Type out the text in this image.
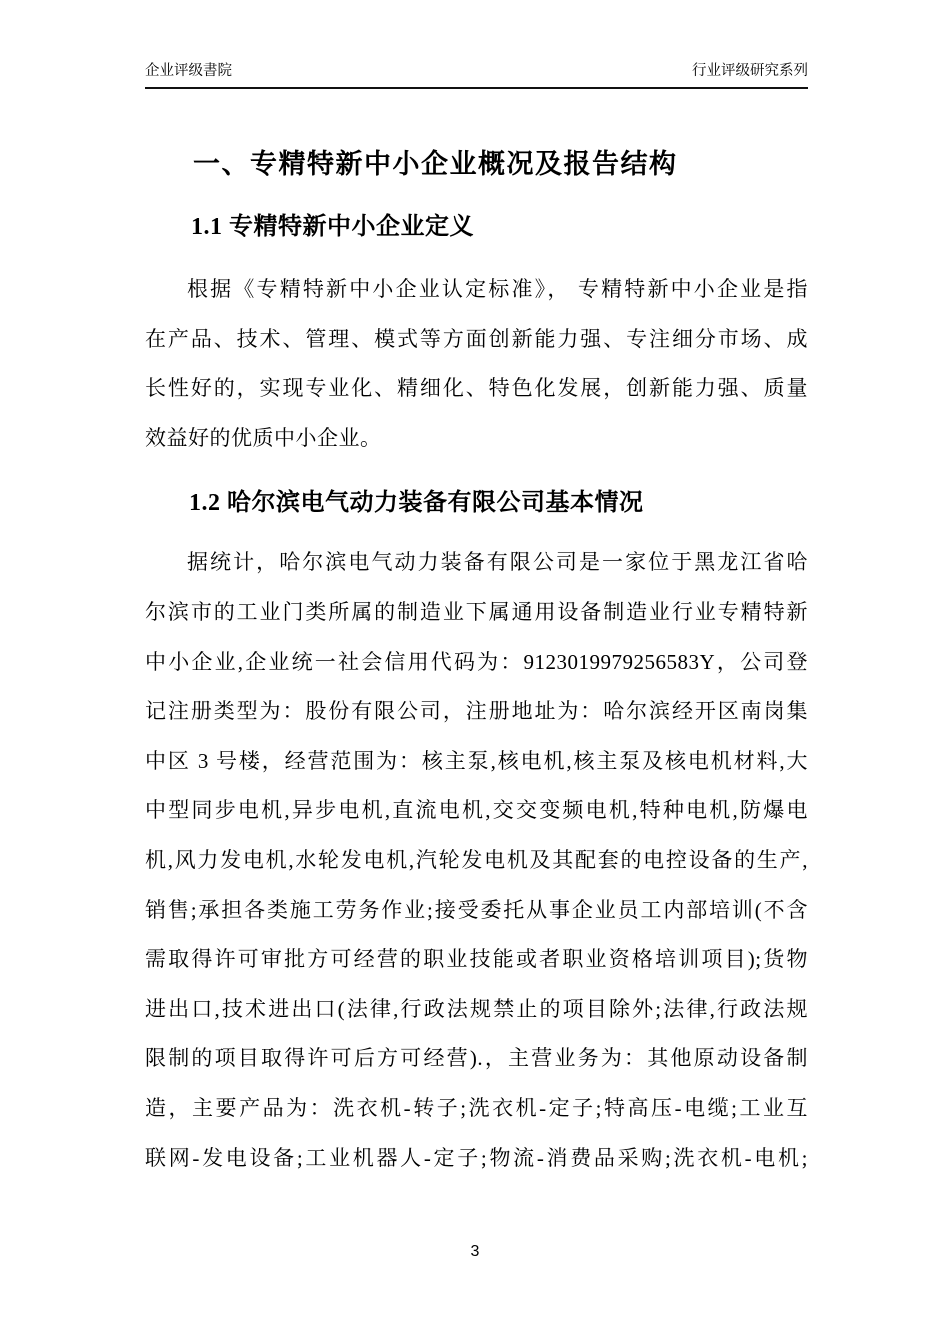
企业评级書院	行业评级研究系列
一、专精特新中小企业概况及报告结构
1.1 专精特新中小企业定义
根据《专精特新中小企业认定标准》， 专精特新中小企业是指
在产品、技术、管理、模式等方面创新能力强、专注细分市场、成
长性好的，实现专业化、精细化、特色化发展，创新能力强、质量
效益好的优质中小企业。
1.2 哈尔滨电气动力装备有限公司基本情况
据统计，哈尔滨电气动力装备有限公司是一家位于黑龙江省哈
尔滨市的工业门类所属的制造业下属通用设备制造业行业专精特新
中小企业,企业统一社会信用代码为：9123019979256583Y，公司登
记注册类型为：股份有限公司，注册地址为：哈尔滨经开区南岗集
中区 3 号楼，经营范围为：核主泵,核电机,核主泵及核电机材料,大
中型同步电机,异步电机,直流电机,交交变频电机,特种电机,防爆电
机,风力发电机,水轮发电机,汽轮发电机及其配套的电控设备的生产,
销售;承担各类施工劳务作业;接受委托从事企业员工内部培训(不含
需取得许可审批方可经营的职业技能或者职业资格培训项目);货物
进出口,技术进出口(法律,行政法规禁止的项目除外;法律,行政法规
限制的项目取得许可后方可经营).，主营业务为：其他原动设备制
造，主要产品为：洗衣机-转子;洗衣机-定子;特高压-电缆;工业互
联网-发电设备;工业机器人-定子;物流-消费品采购;洗衣机-电机;
3
